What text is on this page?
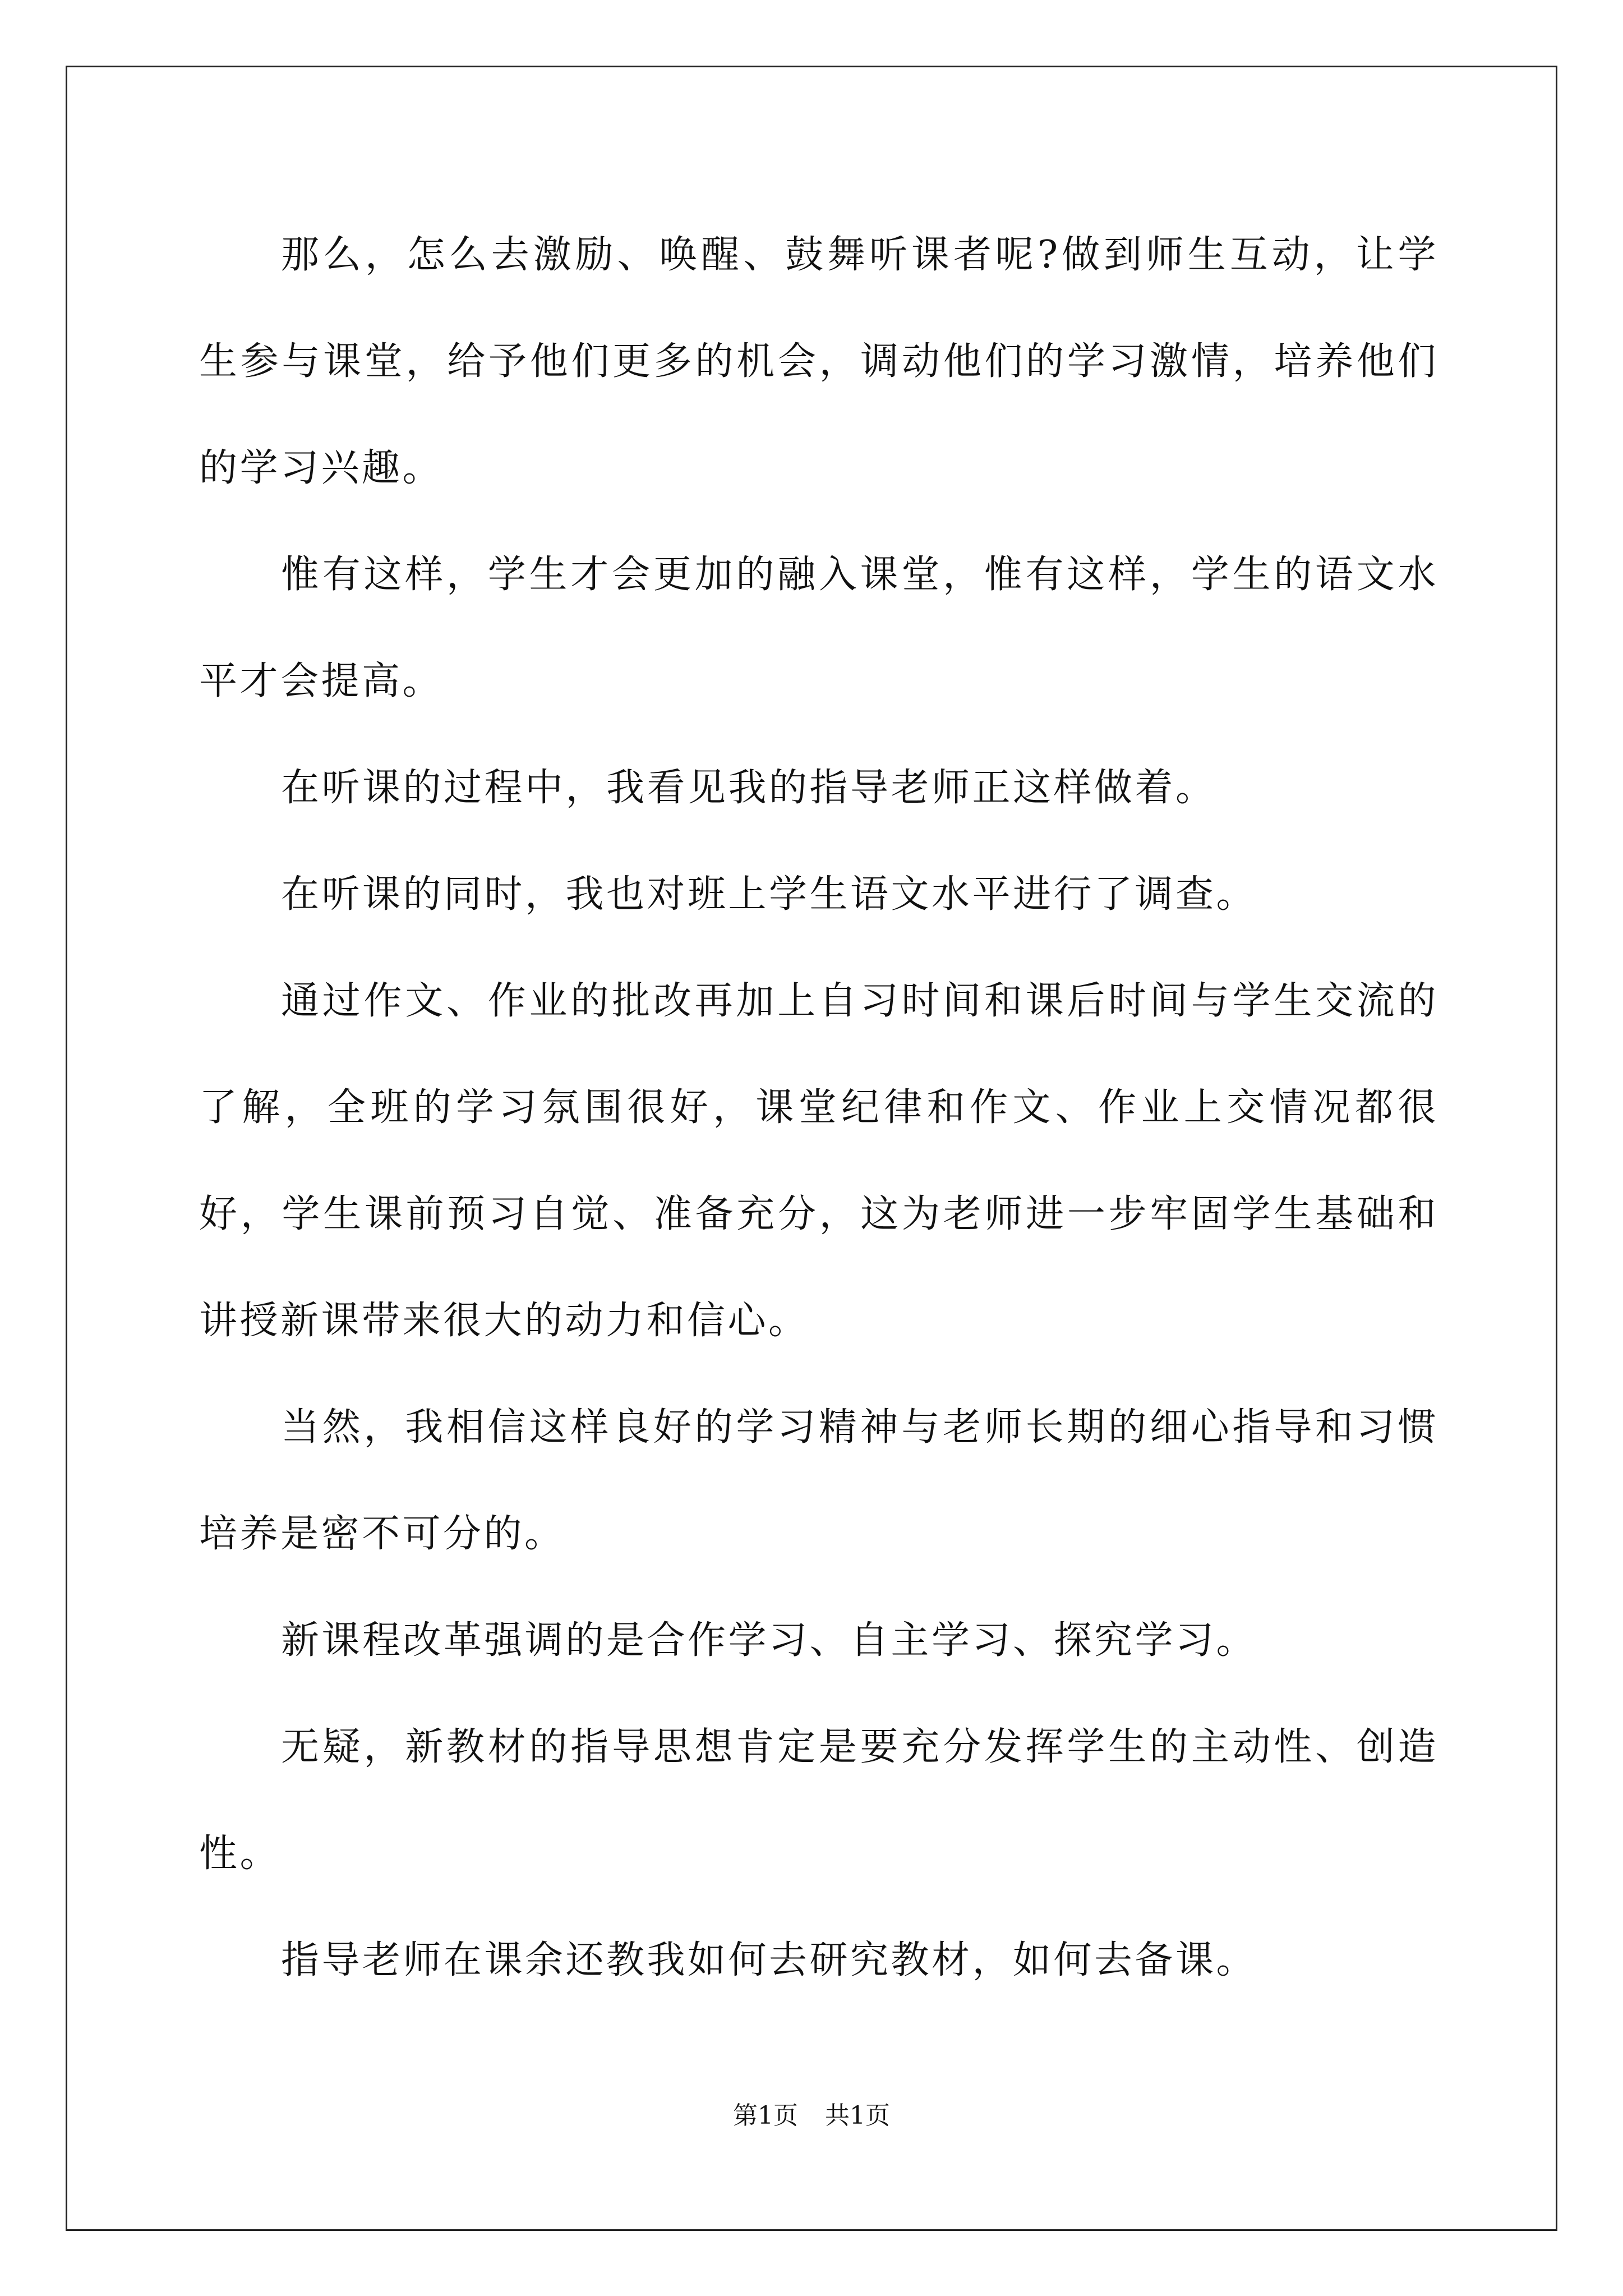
那么，怎么去激励、唤醒、鼓舞听课者呢?做到师生互动，让学生参与课堂，给予他们更多的机会，调动他们的学习激情，培养他们的学习兴趣。

惟有这样，学生才会更加的融入课堂，惟有这样，学生的语文水平才会提高。

在听课的过程中，我看见我的指导老师正这样做着。

在听课的同时，我也对班上学生语文水平进行了调查。

通过作文、作业的批改再加上自习时间和课后时间与学生交流的了解，全班的学习氛围很好，课堂纪律和作文、作业上交情况都很好，学生课前预习自觉、准备充分，这为老师进一步牢固学生基础和讲授新课带来很大的动力和信心。

当然，我相信这样良好的学习精神与老师长期的细心指导和习惯培养是密不可分的。

新课程改革强调的是合作学习、自主学习、探究学习。

无疑，新教材的指导思想肯定是要充分发挥学生的主动性、创造性。

指导老师在课余还教我如何去研究教材，如何去备课。

第1页 共1页
